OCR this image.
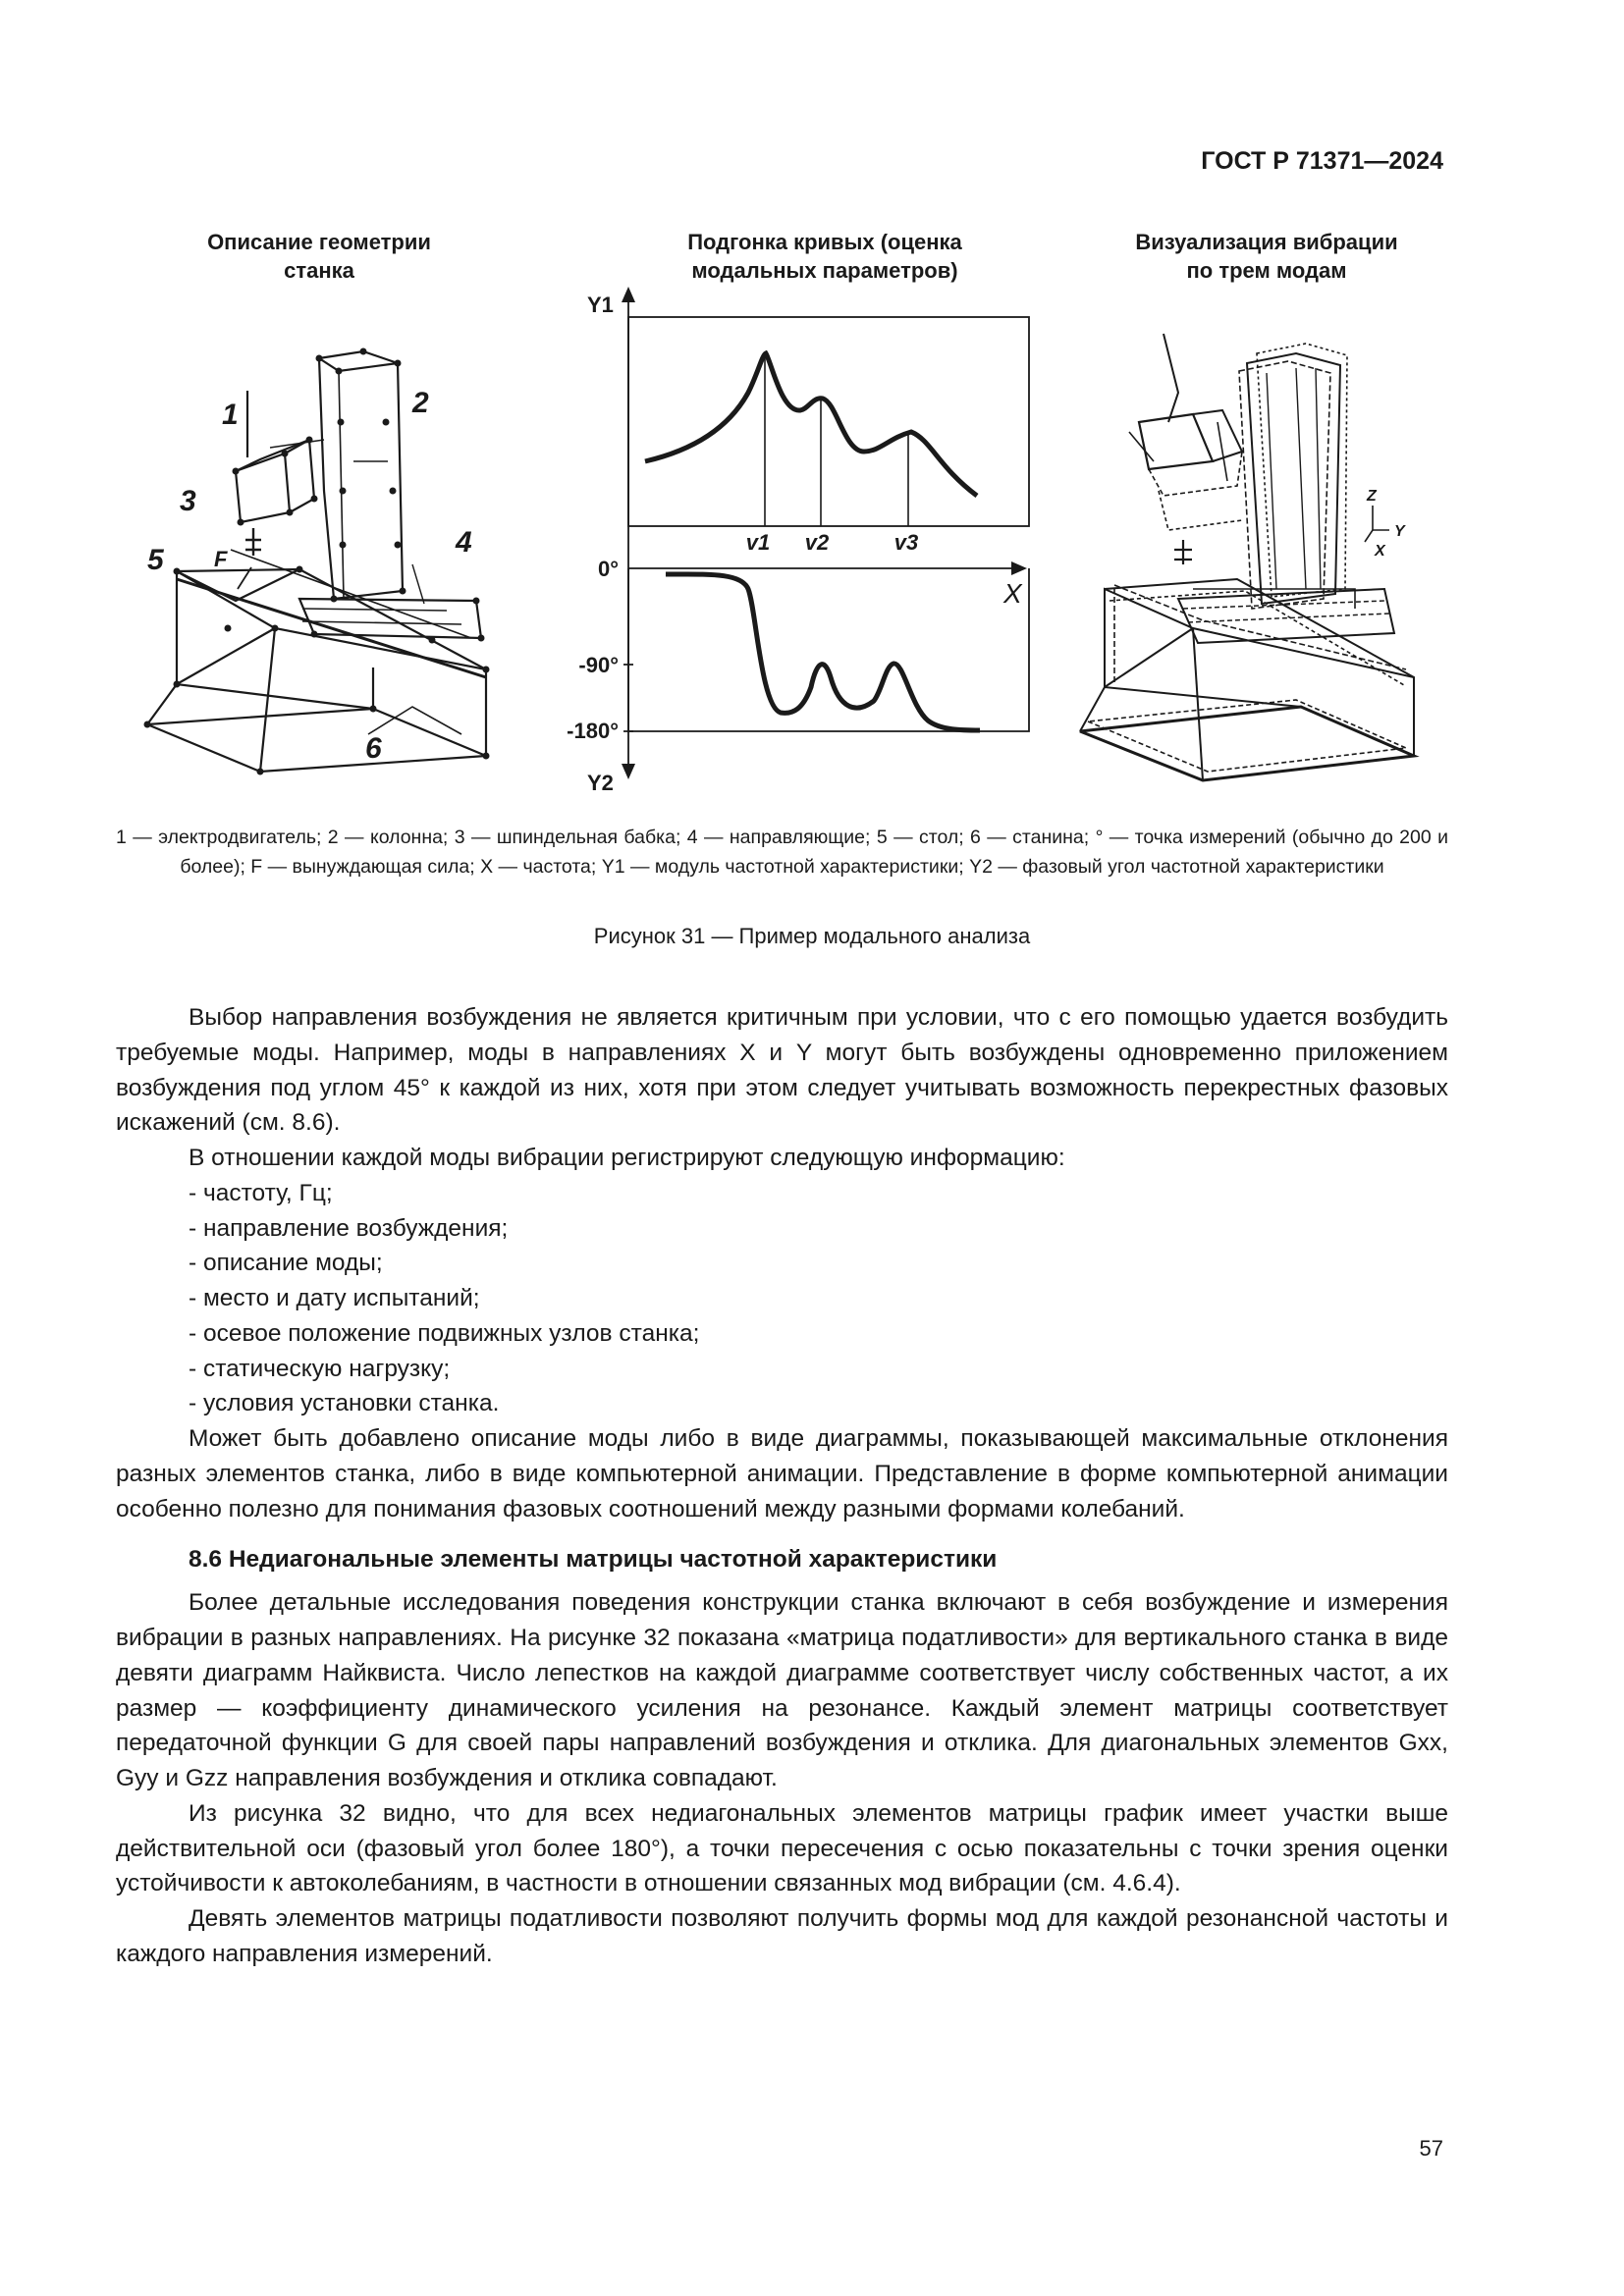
ГОСТ Р 71371—2024
Описание геометрии
станка
Подгонка кривых (оценка
модальных параметров)
Визуализация вибрации
по трем модам
1	2
3
4
5
6
F
Y1
Y2
X
0°
-90°
-180°
v1 v2	v3
Z
Y
X
1 — электродвигатель; 2 — колонна; 3 — шпиндельная бабка; 4 — направляющие; 5 — стол; 6 — станина; ° — точка измерений (обычно до 200 и более); F — вынуждающая сила; X — частота; Y1 — модуль частотной характеристики; Y2 — фазовый угол частотной характеристики
Рисунок 31 — Пример модального анализа

Выбор направления возбуждения не является критичным при условии, что с его помощью удается возбудить требуемые моды. Например, моды в направлениях X и Y могут быть возбуждены одновременно приложением возбуждения под углом 45° к каждой из них, хотя при этом следует учитывать возможность перекрестных фазовых искажений (см. 8.6).

В отношении каждой моды вибрации регистрируют следующую информацию:

- частоту, Гц;

- направление возбуждения;

- описание моды;

- место и дату испытаний;

- осевое положение подвижных узлов станка;

- статическую нагрузку;

- условия установки станка.

Может быть добавлено описание моды либо в виде диаграммы, показывающей максимальные отклонения разных элементов станка, либо в виде компьютерной анимации. Представление в форме компьютерной анимации особенно полезно для понимания фазовых соотношений между разными формами колебаний.

8.6 Недиагональные элементы матрицы частотной характеристики

Более детальные исследования поведения конструкции станка включают в себя возбуждение и измерения вибрации в разных направлениях. На рисунке 32 показана «матрица податливости» для вертикального станка в виде девяти диаграмм Найквиста. Число лепестков на каждой диаграмме соответствует числу собственных частот, а их размер — коэффициенту динамического усиления на резонансе. Каждый элемент матрицы соответствует передаточной функции G для своей пары направлений возбуждения и отклика. Для диагональных элементов Gxx, Gyy и Gzz направления возбуждения и отклика совпадают.

Из рисунка 32 видно, что для всех недиагональных элементов матрицы график имеет участки выше действительной оси (фазовый угол более 180°), а точки пересечения с осью показательны с точки зрения оценки устойчивости к автоколебаниям, в частности в отношении связанных мод вибрации (см. 4.6.4).

Девять элементов матрицы податливости позволяют получить формы мод для каждой резонансной частоты и каждого направления измерений.

57
